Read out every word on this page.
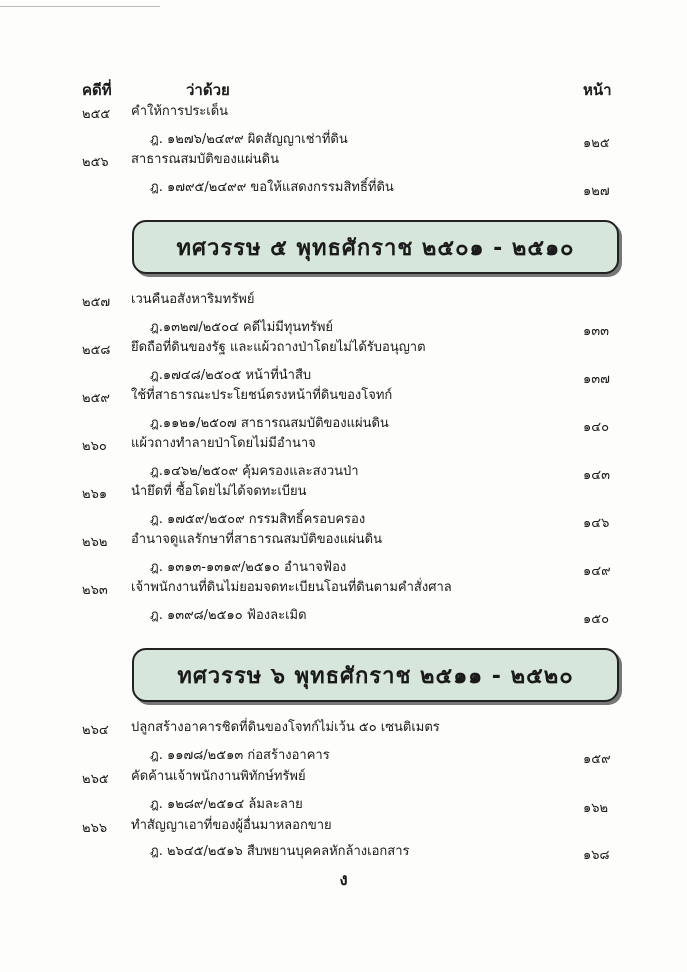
คดีที่	ว่าด้วย	หน้า
๒๕๕ คำให้การประเด็น
ฎ. ๑๒๗๖/๒๔๙๙ ผิดสัญญาเช่าที่ดิน	๑๒๕
๒๕๖ สาธารณสมบัติของแผ่นดิน
ฎ. ๑๗๙๕/๒๔๙๙ ขอให้แสดงกรรมสิทธิ์ที่ดิน	๑๒๗
ทศวรรษ ๕ พุทธศักราช ๒๕๐๑ - ๒๕๑๐
๒๕๗ เวนคืนอสังหาริมทรัพย์
ฎ.๑๓๒๗/๒๕๐๔ คดีไม่มีทุนทรัพย์	๑๓๓
๒๕๘ ยึดถือที่ดินของรัฐ และแผ้วถางป่าโดยไม่ได้รับอนุญาต
ฎ.๑๗๔๘/๒๕๐๕ หน้าที่นำสืบ	๑๓๗
๒๕๙ ใช้ที่สาธารณะประโยชน์ตรงหน้าที่ดินของโจทก์
ฎ.๑๑๒๑/๒๕๐๗ สาธารณสมบัติของแผ่นดิน	๑๔๐
๒๖๐ แผ้วถางทำลายป่าโดยไม่มีอำนาจ
ฎ.๑๔๖๒/๒๕๐๙ คุ้มครองและสงวนป่า	๑๔๓
๒๖๑ นำยึดที่ ซื้อโดยไม่ได้จดทะเบียน
ฎ. ๑๗๕๙/๒๕๐๙ กรรมสิทธิ์ครอบครอง	๑๔๖
๒๖๒ อำนาจดูแลรักษาที่สาธารณสมบัติของแผ่นดิน
ฎ. ๑๓๑๓-๑๓๑๙/๒๕๑๐ อำนาจฟ้อง	๑๔๙
๒๖๓ เจ้าพนักงานที่ดินไม่ยอมจดทะเบียนโอนที่ดินตามคำสั่งศาล
ฎ. ๑๓๙๘/๒๕๑๐ ฟ้องละเมิด	๑๕๐
ทศวรรษ ๖ พุทธศักราช ๒๕๑๑ - ๒๕๒๐
๒๖๔ ปลูกสร้างอาคารชิดที่ดินของโจทก์ไม่เว้น ๕๐ เซนติเมตร
ฎ. ๑๑๗๘/๒๕๑๓ ก่อสร้างอาคาร	๑๕๙
๒๖๕ คัดค้านเจ้าพนักงานพิทักษ์ทรัพย์
ฎ. ๑๒๘๙/๒๕๑๔ ล้มละลาย	๑๖๒
๒๖๖ ทำสัญญาเอาที่ของผู้อื่นมาหลอกขาย
ฎ. ๒๖๔๕/๒๕๑๖ สืบพยานบุคคลหักล้างเอกสาร	๑๖๘
ง
